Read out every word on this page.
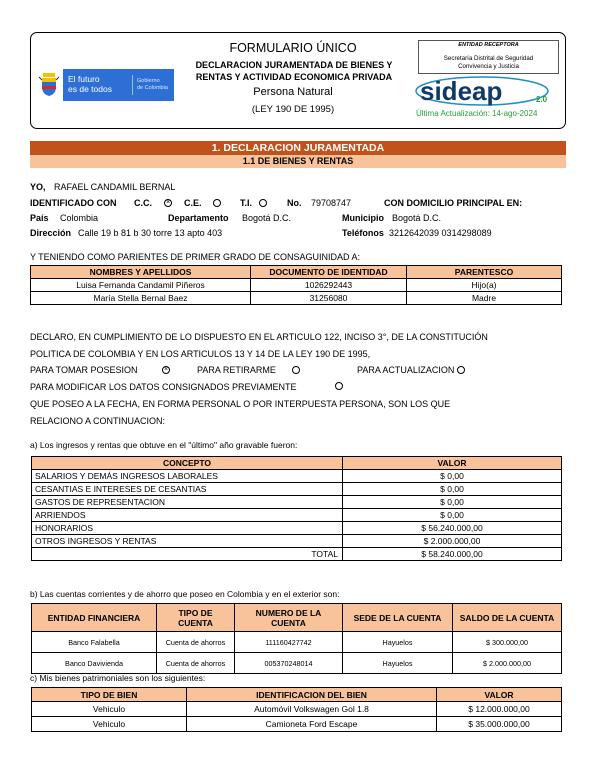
El futuro
es de todos
Gobierno
de Colombia
FORMULARIO ÚNICO
DECLARACION JURAMENTADA DE BIENES Y
RENTAS Y ACTIVIDAD ECONOMICA PRIVADA
Persona Natural
(LEY 190 DE 1995)
ENTIDAD RECEPTORA
Secretaría Distrital de Seguridad
Convivencia y Justicia
sideap	2.0
Última Actualización: 14-ago-2024
1. DECLARACION JURAMENTADA
1.1 DE BIENES Y RENTAS
YO, RAFAEL CANDAMIL BERNAL
IDENTIFICADO CON C.C. × C.E.	T.I.	No. 79708747	CON DOMICILIO PRINCIPAL EN:
País Colombia	Departamento Bogotá D.C.	Municipio Bogotá D.C.
Dirección Calle 19 b 81 b 30 torre 13 apto 403	Teléfonos 3212642039 0314298089
Y TENIENDO COMO PARIENTES DE PRIMER GRADO DE CONSAGUINIDAD A:
NOMBRES Y APELLIDOS	DOCUMENTO DE IDENTIDAD	PARENTESCO
Luisa Fernanda Candamil Piñeros	1026292443	Hijo(a)
María Stella Bernal Baez	31256080	Madre
DECLARO, EN CUMPLIMIENTO DE LO DISPUESTO EN EL ARTICULO 122, INCISO 3°, DE LA CONSTITUCIÓN
POLITICA DE COLOMBIA Y EN LOS ARTICULOS 13 Y 14 DE LA LEY 190 DE 1995,
PARA TOMAR POSESION	×	PARA RETIRARME	PARA ACTUALIZACION
PARA MODIFICAR LOS DATOS CONSIGNADOS PREVIAMENTE
QUE POSEO A LA FECHA, EN FORMA PERSONAL O POR INTERPUESTA PERSONA, SON LOS QUE
RELACIONO A CONTINUACION:
a) Los ingresos y rentas que obtuve en el "último" año gravable fueron:
CONCEPTO	VALOR
SALARIOS Y DEMÁS INGRESOS LABORALES	$ 0,00
CESANTIAS E INTERESES DE CESANTIAS	$ 0,00
GASTOS DE REPRESENTACION	$ 0,00
ARRIENDOS	$ 0,00
HONORARIOS	$ 56.240.000,00
OTROS INGRESOS Y RENTAS	$ 2.000.000,00
TOTAL	$ 58.240.000,00
b) Las cuentas corrientes y de ahorro que poseo en Colombia y en el exterior son:
ENTIDAD FINANCIERA	TIPO DE CUENTA	NUMERO DE LA CUENTA	SEDE DE LA CUENTA	SALDO DE LA CUENTA
Banco Falabella	Cuenta de ahorros	111160427742	Hayuelos	$ 300.000,00
Banco Davivienda	Cuenta de ahorros	005370248014	Hayuelos	$ 2.000.000,00
c) Mis bienes patrimoniales son los siguientes:
TIPO DE BIEN	IDENTIFICACION DEL BIEN	VALOR
Vehiculo	Automóvil Volkswagen Gol 1.8	$ 12.000.000,00
Vehiculo	Camioneta Ford Escape	$ 35.000.000,00
